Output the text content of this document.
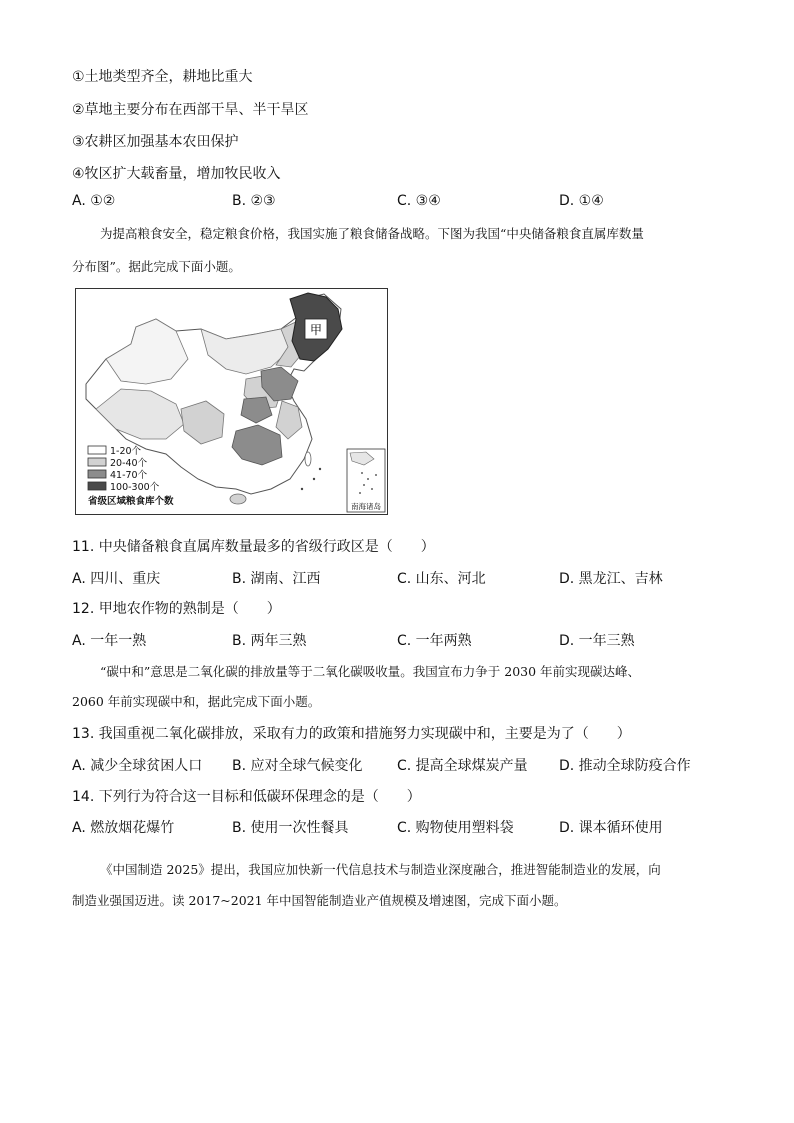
①土地类型齐全，耕地比重大
②草地主要分布在西部干旱、半干旱区
③农耕区加强基本农田保护
④牧区扩大载畜量，增加牧民收入
A. ①②	B. ②③	C. ③④	D. ①④
为提高粮食安全，稳定粮食价格，我国实施了粮食储备战略。下图为我国“中央储备粮食直属库数量
分布图”。据此完成下面小题。
甲
1-20个
20-40个
41-70个
100-300个
省级区域粮食库个数	南海诸岛
11. 中央储备粮食直属库数量最多的省级行政区是（　　）
A. 四川、重庆	B. 湖南、江西	C. 山东、河北	D. 黑龙江、吉林
12. 甲地农作物的熟制是（　　）
A. 一年一熟	B. 两年三熟	C. 一年两熟	D. 一年三熟
“碳中和”意思是二氧化碳的排放量等于二氧化碳吸收量。我国宣布力争于 2030 年前实现碳达峰、
2060 年前实现碳中和，据此完成下面小题。
13. 我国重视二氧化碳排放，采取有力的政策和措施努力实现碳中和，主要是为了（　　）
A. 减少全球贫困人口 B. 应对全球气候变化 C. 提高全球煤炭产量 D. 推动全球防疫合作
14. 下列行为符合这一目标和低碳环保理念的是（　　）
A. 燃放烟花爆竹	B. 使用一次性餐具	C. 购物使用塑料袋	D. 课本循环使用
《中国制造 2025》提出，我国应加快新一代信息技术与制造业深度融合，推进智能制造业的发展，向
制造业强国迈进。读 2017~2021 年中国智能制造业产值规模及增速图，完成下面小题。
